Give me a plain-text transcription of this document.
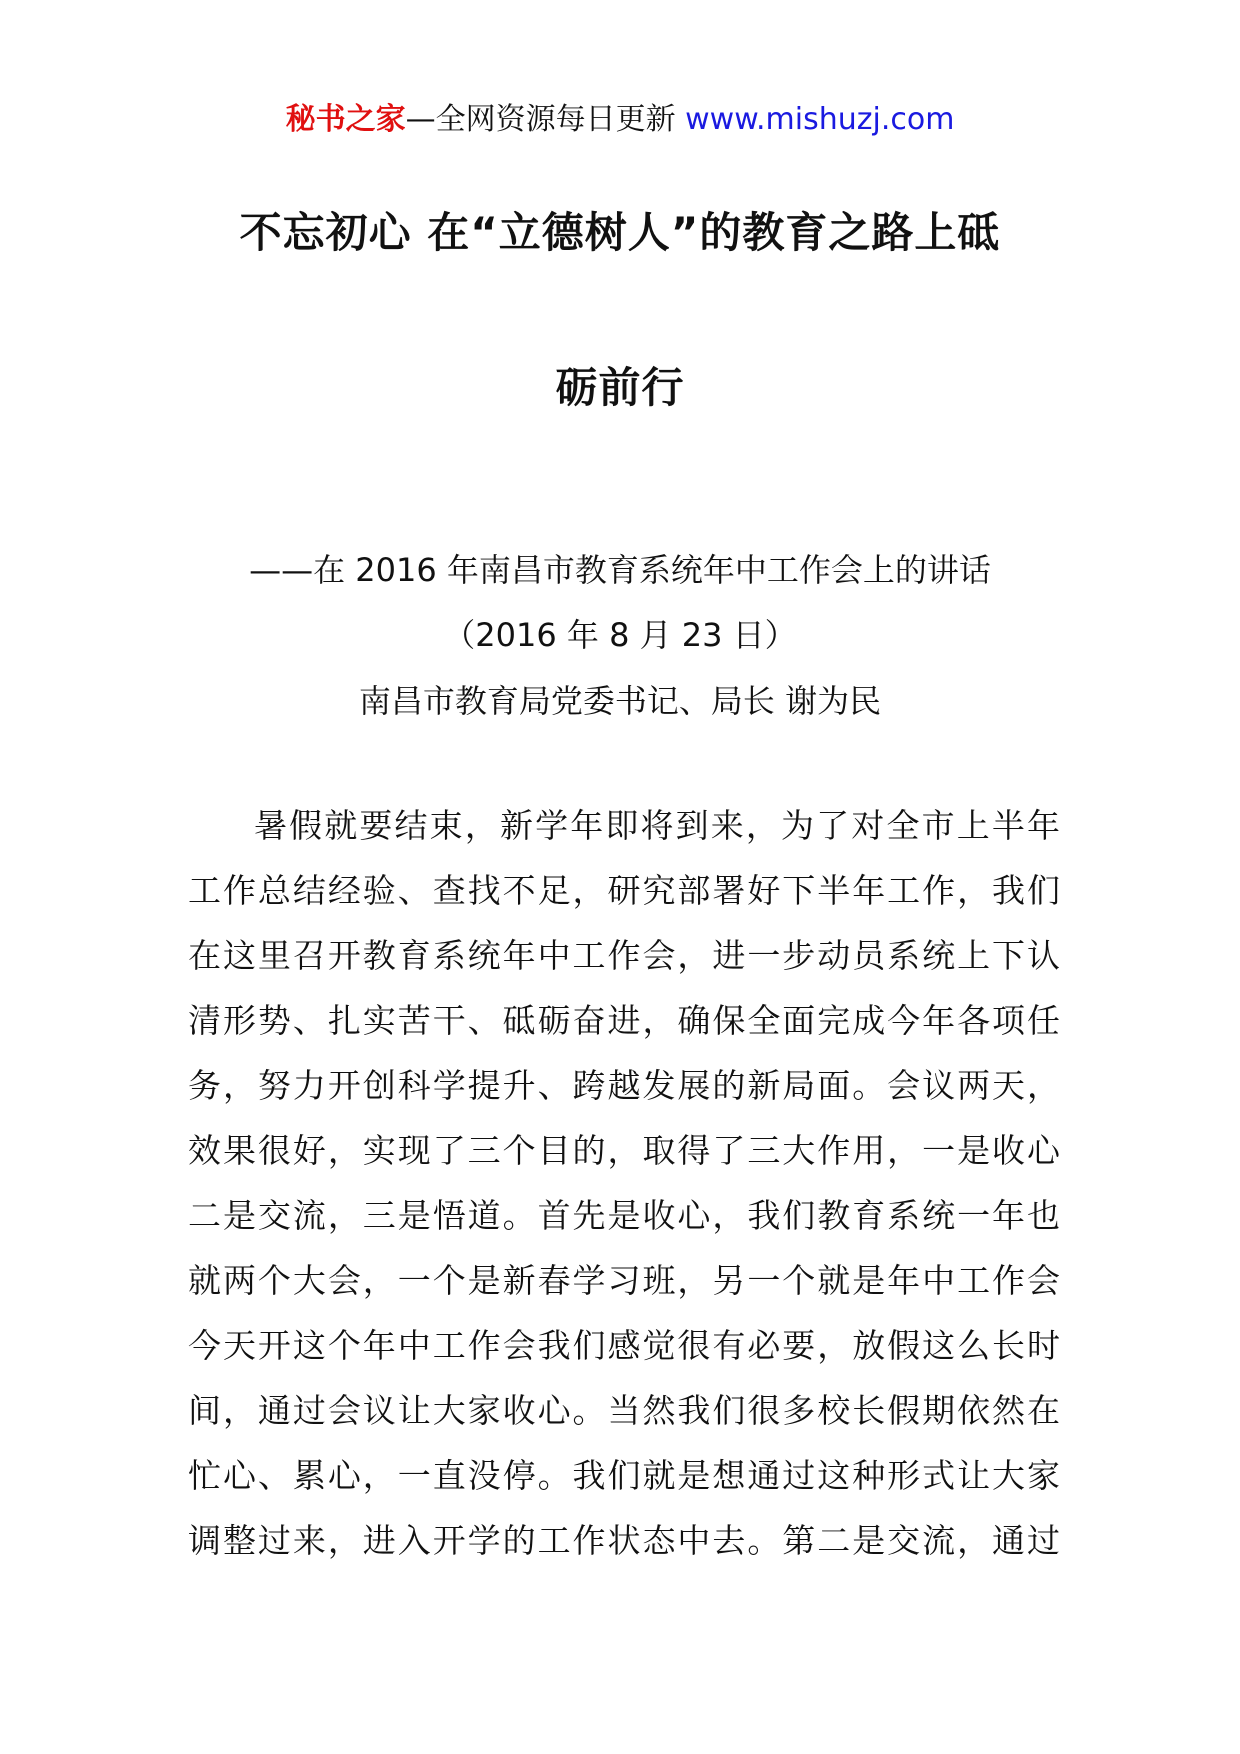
秘书之家—全网资源每日更新 www.mishuzj.com
不忘初心 在“立德树人”的教育之路上砥
砺前行
——在 2016 年南昌市教育系统年中工作会上的讲话
（2016 年 8 月 23 日）
南昌市教育局党委书记、局长 谢为民
暑假就要结束，新学年即将到来，为了对全市上半年
工作总结经验、查找不足，研究部署好下半年工作，我们
在这里召开教育系统年中工作会，进一步动员系统上下认
清形势、扎实苦干、砥砺奋进，确保全面完成今年各项任
务，努力开创科学提升、跨越发展的新局面。会议两天，
效果很好，实现了三个目的，取得了三大作用，一是收心
二是交流，三是悟道。首先是收心，我们教育系统一年也
就两个大会，一个是新春学习班，另一个就是年中工作会
今天开这个年中工作会我们感觉很有必要，放假这么长时
间，通过会议让大家收心。当然我们很多校长假期依然在
忙心、累心，一直没停。我们就是想通过这种形式让大家
调整过来，进入开学的工作状态中去。第二是交流，通过
